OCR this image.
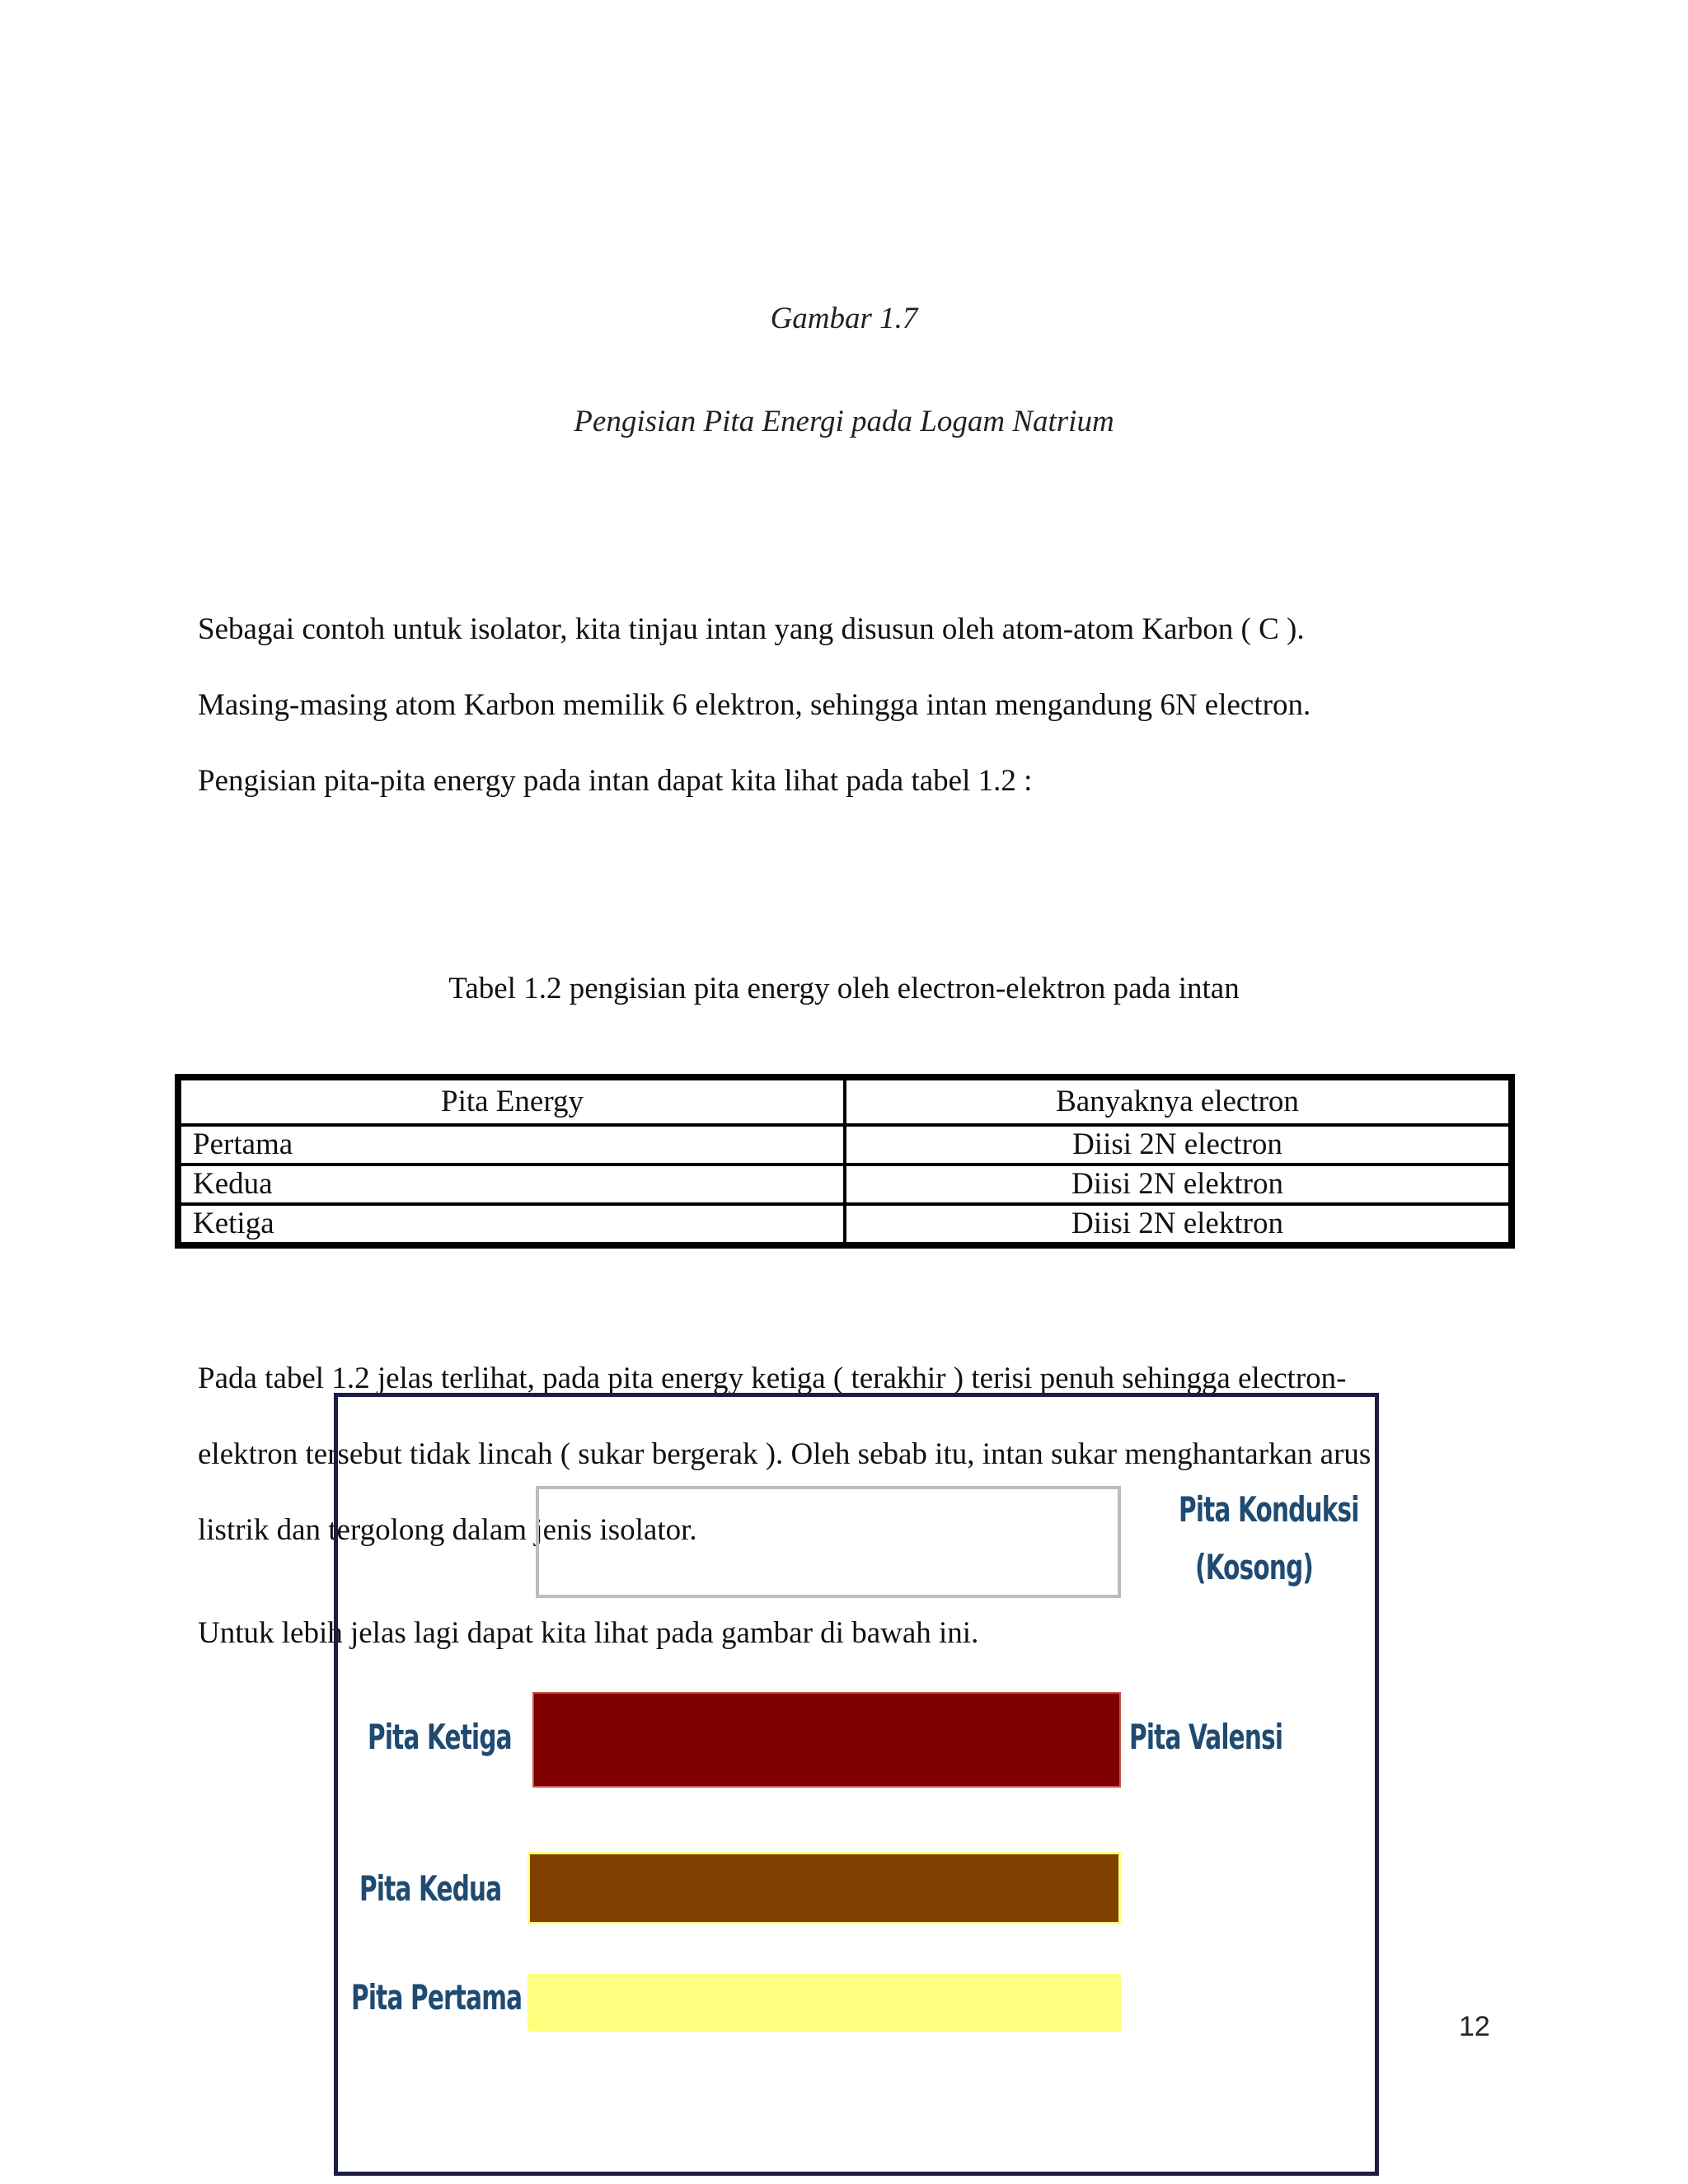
Gambar 1.7
Pengisian Pita Energi pada Logam Natrium
Sebagai contoh untuk isolator, kita tinjau intan yang disusun oleh atom-atom Karbon ( C ).
Masing-masing atom Karbon memilik 6 elektron, sehingga intan mengandung 6N electron.
Pengisian pita-pita energy pada intan dapat kita lihat pada tabel 1.2 :
Tabel 1.2 pengisian pita energy oleh electron-elektron pada intan
Pita Energy	Banyaknya electron
Pertama	Diisi 2N electron
Kedua	Diisi 2N elektron
Ketiga	Diisi 2N elektron
Pada tabel 1.2 jelas terlihat, pada pita energy ketiga ( terakhir ) terisi penuh sehingga electron-
elektron tersebut tidak lincah ( sukar bergerak ). Oleh sebab itu, intan sukar menghantarkan arus
listrik dan tergolong dalam jenis isolator.
Untuk lebih jelas lagi dapat kita lihat pada gambar di bawah ini.
Pita Konduksi
(Kosong)
Pita Ketiga	Pita Valensi
Pita Kedua
Pita Pertama
12
